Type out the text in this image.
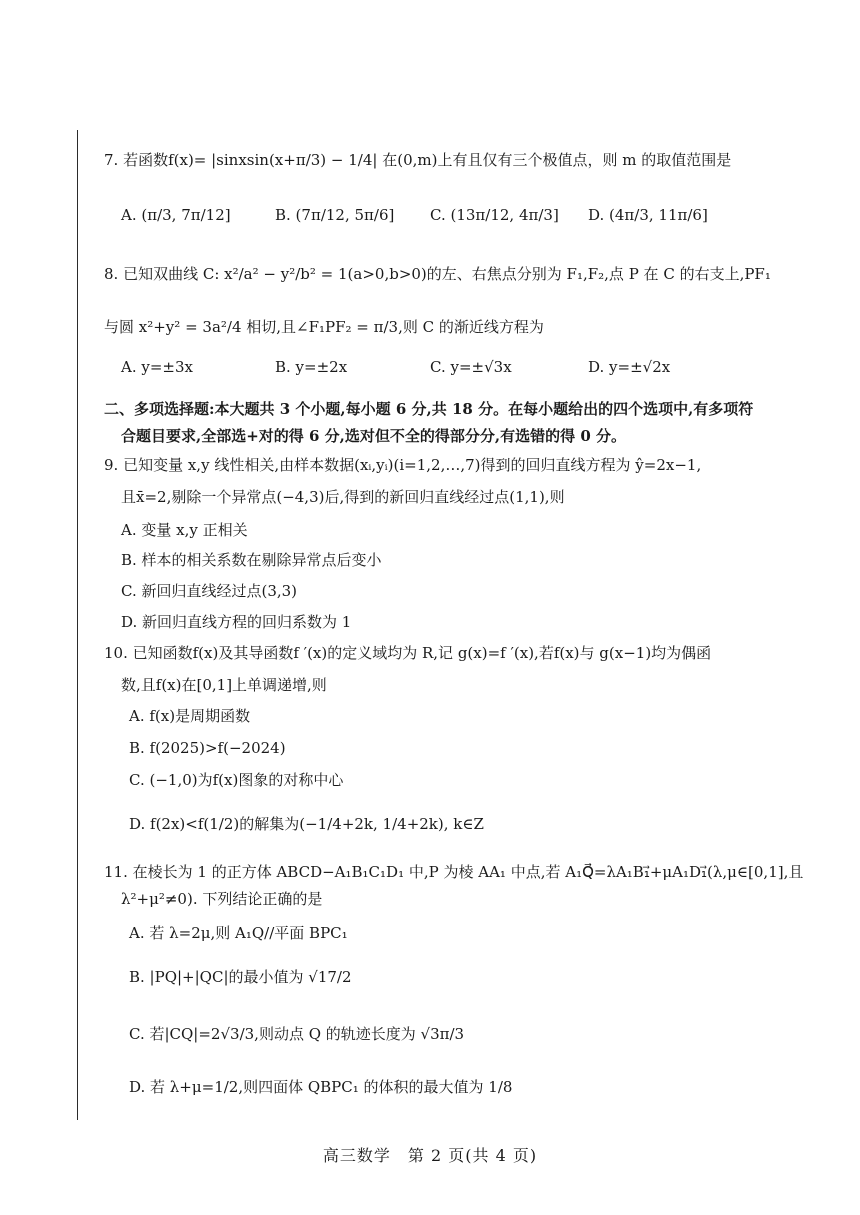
7. 若函数f(x)= |sinxsin(x+π/3) − 1/4| 在(0,m)上有且仅有三个极值点，则 m 的取值范围是
A. (π/3, 7π/12]	B. (7π/12, 5π/6] C. (13π/12, 4π/3] D. (4π/3, 11π/6]
8. 已知双曲线 C: x²/a² − y²/b² = 1(a>0,b>0)的左、右焦点分别为 F₁,F₂,点 P 在 C 的右支上,PF₁
与圆 x²+y² = 3a²/4 相切,且∠F₁PF₂ = π/3,则 C 的渐近线方程为
A. y=±3x	B. y=±2x	C. y=±√3x	D. y=±√2x
二、多项选择题:本大题共 3 个小题,每小题 6 分,共 18 分。在每小题给出的四个选项中,有多项符
合题目要求,全部选+对的得 6 分,选对但不全的得部分分,有选错的得 0 分。
9. 已知变量 x,y 线性相关,由样本数据(xᵢ,yᵢ)(i=1,2,…,7)得到的回归直线方程为 ŷ=2x−1,
且x̄=2,剔除一个异常点(−4,3)后,得到的新回归直线经过点(1,1),则
A. 变量 x,y 正相关
B. 样本的相关系数在剔除异常点后变小
C. 新回归直线经过点(3,3)
D. 新回归直线方程的回归系数为 1
10. 已知函数f(x)及其导函数f ′(x)的定义域均为 R,记 g(x)=f ′(x),若f(x)与 g(x−1)均为偶函
数,且f(x)在[0,1]上单调递增,则
A. f(x)是周期函数
B. f(2025)>f(−2024)
C. (−1,0)为f(x)图象的对称中心
D. f(2x)<f(1/2)的解集为(−1/4+2k, 1/4+2k), k∈Z
11. 在棱长为 1 的正方体 ABCD−A₁B₁C₁D₁ 中,P 为棱 AA₁ 中点,若 A₁Q⃗=λA₁B₁⃗+μA₁D₁⃗(λ,μ∈[0,1],且
λ²+μ²≠0). 下列结论正确的是
A. 若 λ=2μ,则 A₁Q//平面 BPC₁
B. |PQ|+|QC|的最小值为 √17/2
C. 若|CQ|=2√3/3,则动点 Q 的轨迹长度为 √3π/3
D. 若 λ+μ=1/2,则四面体 QBPC₁ 的体积的最大值为 1/8
高三数学　第 2 页(共 4 页)
